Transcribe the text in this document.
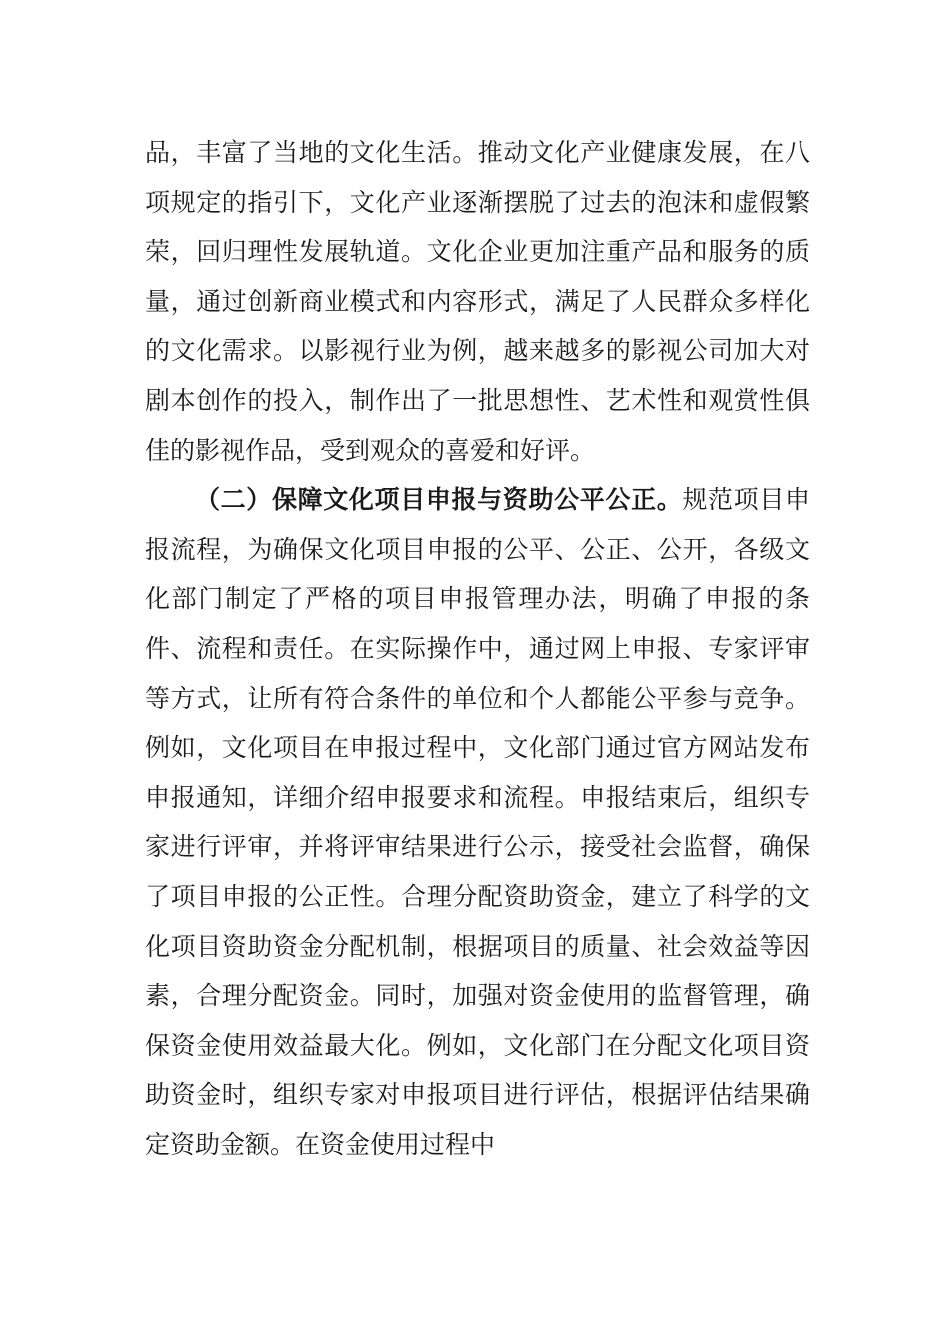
品，丰富了当地的文化生活。推动文化产业健康发展，在八项规定的指引下，文化产业逐渐摆脱了过去的泡沫和虚假繁荣，回归理性发展轨道。文化企业更加注重产品和服务的质量，通过创新商业模式和内容形式，满足了人民群众多样化的文化需求。以影视行业为例，越来越多的影视公司加大对剧本创作的投入，制作出了一批思想性、艺术性和观赏性俱佳的影视作品，受到观众的喜爱和好评。

（二）保障文化项目申报与资助公平公正。规范项目申报流程，为确保文化项目申报的公平、公正、公开，各级文化部门制定了严格的项目申报管理办法，明确了申报的条件、流程和责任。在实际操作中，通过网上申报、专家评审等方式，让所有符合条件的单位和个人都能公平参与竞争。例如，文化项目在申报过程中，文化部门通过官方网站发布申报通知，详细介绍申报要求和流程。申报结束后，组织专家进行评审，并将评审结果进行公示，接受社会监督，确保了项目申报的公正性。合理分配资助资金，建立了科学的文化项目资助资金分配机制，根据项目的质量、社会效益等因素，合理分配资金。同时，加强对资金使用的监督管理，确保资金使用效益最大化。例如，文化部门在分配文化项目资助资金时，组织专家对申报项目进行评估，根据评估结果确定资助金额。在资金使用过程中
